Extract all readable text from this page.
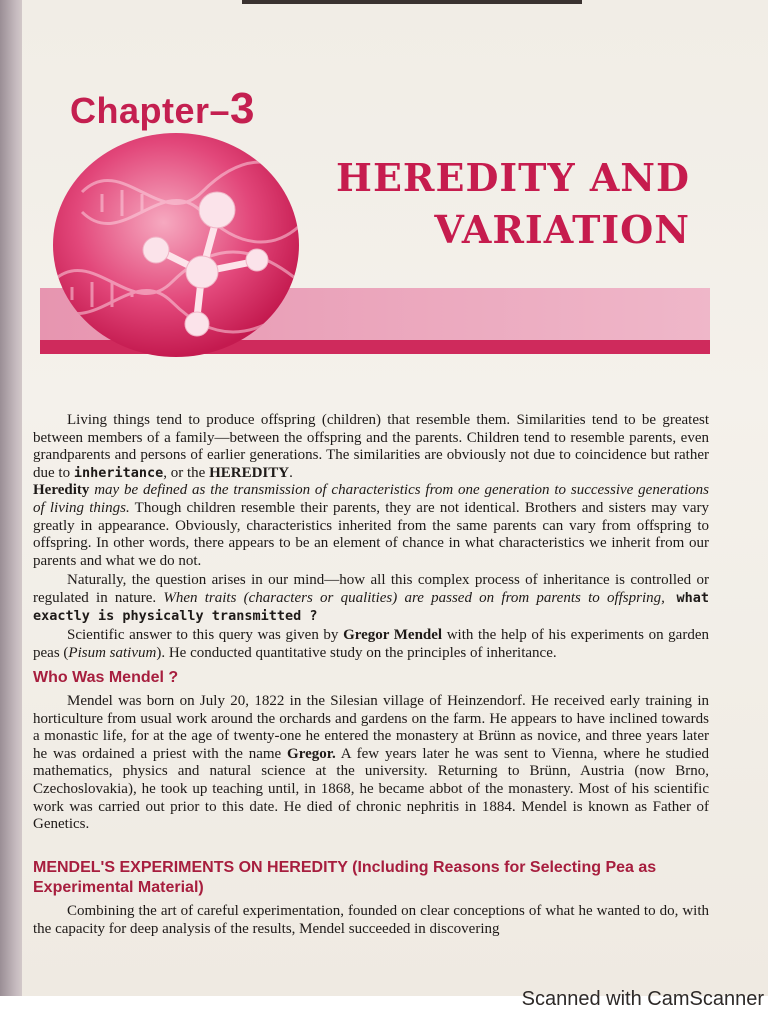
Chapter–3
HEREDITY AND
VARIATION

Living things tend to produce offspring (children) that resemble them. Similarities tend to be greatest between members of a family—between the offspring and the parents. Children tend to resemble parents, even grandparents and persons of earlier generations. The similarities are obviously not due to coincidence but rather due to inheritance, or the HEREDITY.
Heredity may be defined as the transmission of characteristics from one generation to successive generations of living things. Though children resemble their parents, they are not identical. Brothers and sisters may vary greatly in appearance. Obviously, characteristics inherited from the same parents can vary from offspring to offspring. In other words, there appears to be an element of chance in what characteristics we inherit from our parents and what we do not.

Naturally, the question arises in our mind—how all this complex process of inheritance is controlled or regulated in nature. When traits (characters or qualities) are passed on from parents to offspring, what exactly is physically transmitted ?

Scientific answer to this query was given by Gregor Mendel with the help of his experiments on garden peas (Pisum sativum). He conducted quantitative study on the principles of inheritance.

Who Was Mendel ?

Mendel was born on July 20, 1822 in the Silesian village of Heinzendorf. He received early training in horticulture from usual work around the orchards and gardens on the farm. He appears to have inclined towards a monastic life, for at the age of twenty-one he entered the monastery at Brünn as novice, and three years later he was ordained a priest with the name Gregor. A few years later he was sent to Vienna, where he studied mathematics, physics and natural science at the university. Returning to Brünn, Austria (now Brno, Czechoslovakia), he took up teaching until, in 1868, he became abbot of the monastery. Most of his scientific work was carried out prior to this date. He died of chronic nephritis in 1884. Mendel is known as Father of Genetics.

MENDEL'S EXPERIMENTS ON HEREDITY (Including Reasons for Selecting Pea as Experimental Material)

Combining the art of careful experimentation, founded on clear conceptions of what he wanted to do, with the capacity for deep analysis of the results, Mendel succeeded in discovering

Scanned with CamScanner
